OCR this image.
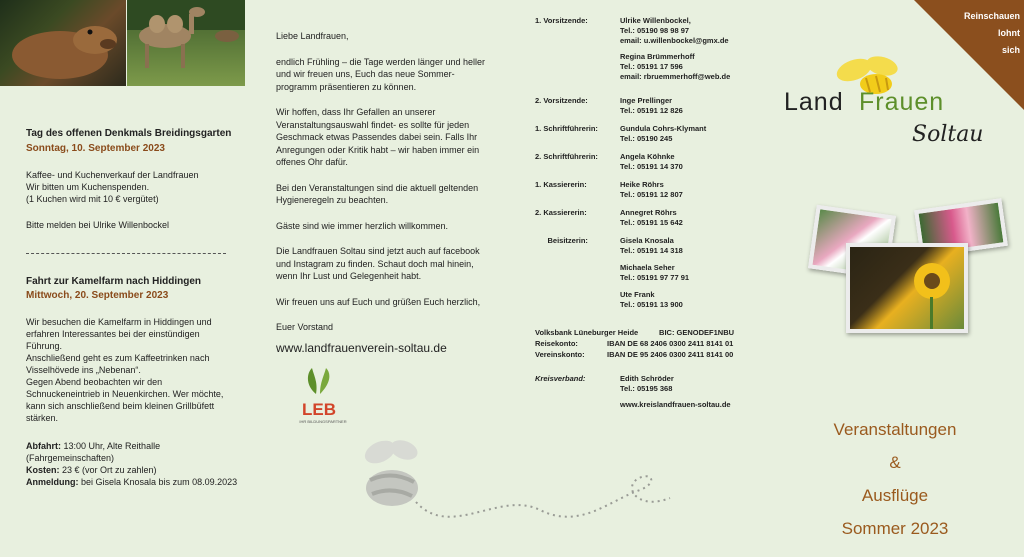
Tag des offenen Denkmals Breidingsgarten

Sonntag, 10. September 2023

Kaffee- und Kuchenverkauf der Landfrauen

Wir bitten um Kuchenspenden.

(1 Kuchen wird mit 10 € vergütet)

Bitte melden bei Ulrike Willenbockel

Fahrt zur Kamelfarm nach Hiddingen

Mittwoch, 20. September 2023

Wir besuchen die Kamelfarm in Hiddingen und

erfahren Interessantes bei der einstündigen

Führung.

Anschließend geht es zum Kaffeetrinken nach

Visselhövede ins „Nebenan“.

Gegen Abend beobachten wir den

Schnuckeneintrieb in Neuenkirchen. Wer möchte,

kann sich anschließend beim kleinen Grillbüfett

stärken.

Abfahrt: 13:00 Uhr, Alte Reithalle

(Fahrgemeinschaften)

Kosten: 23 € (vor Ort zu zahlen)

Anmeldung: bei Gisela Knosala bis zum 08.09.2023

Liebe Landfrauen,

endlich Frühling – die Tage werden länger und heller

und wir freuen uns, Euch das neue Sommer-

programm präsentieren zu können.

Wir hoffen, dass Ihr Gefallen an unserer

Veranstaltungsauswahl findet- es sollte für jeden

Geschmack etwas Passendes dabei sein. Falls Ihr

Anregungen oder Kritik habt – wir haben immer ein

offenes Ohr dafür.

Bei den Veranstaltungen sind die aktuell geltenden

Hygieneregeln zu beachten.

Gäste sind wie immer herzlich willkommen.

Die Landfrauen Soltau sind jetzt auch auf facebook

und Instagram zu finden. Schaut doch mal hinein,

wenn Ihr Lust und Gelegenheit habt.

Wir freuen uns auf Euch und grüßen Euch herzlich,

Euer Vorstand

www.landfrauenverein-soltau.de

LEB
IHR BILDUNGSPARTNER
1. Vorsitzende:	Ulrike Willenbockel,
Tel.: 05190 98 98 97
email: u.willenbockel@gmx.de
Regina Brümmerhoff
Tel.: 05191 17 596
email: rbruemmerhoff@web.de
2. Vorsitzende:	Inge Prellinger
Tel.: 05191 12 826
1. Schriftführerin:	Gundula Cohrs-Klymant
Tel.: 05190 245
2. Schriftführerin:	Angela Köhnke
Tel.: 05191 14 370
1. Kassiererin:	Heike Röhrs
Tel.: 05191 12 807
2. Kassiererin:	Annegret Röhrs
Tel.: 05191 15 642
Beisitzerin:	Gisela Knosala
Tel.: 05191 14 318
Michaela Seher
Tel.: 05191 97 77 91
Ute Frank
Tel.: 05191 13 900
Volksbank Lüneburger Heide          BIC: GENODEF1NBU
Reisekonto:	IBAN DE 68 2406 0300 2411 8141 01
Vereinskonto:	IBAN DE 95 2406 0300 2411 8141 00
Kreisverband:	Edith Schröder
Tel.: 05195 368
www.kreislandfrauen-soltau.de
Reinschauen
lohnt
sich
Land Frauen
Soltau
Veranstaltungen
&
Ausflüge
Sommer 2023
